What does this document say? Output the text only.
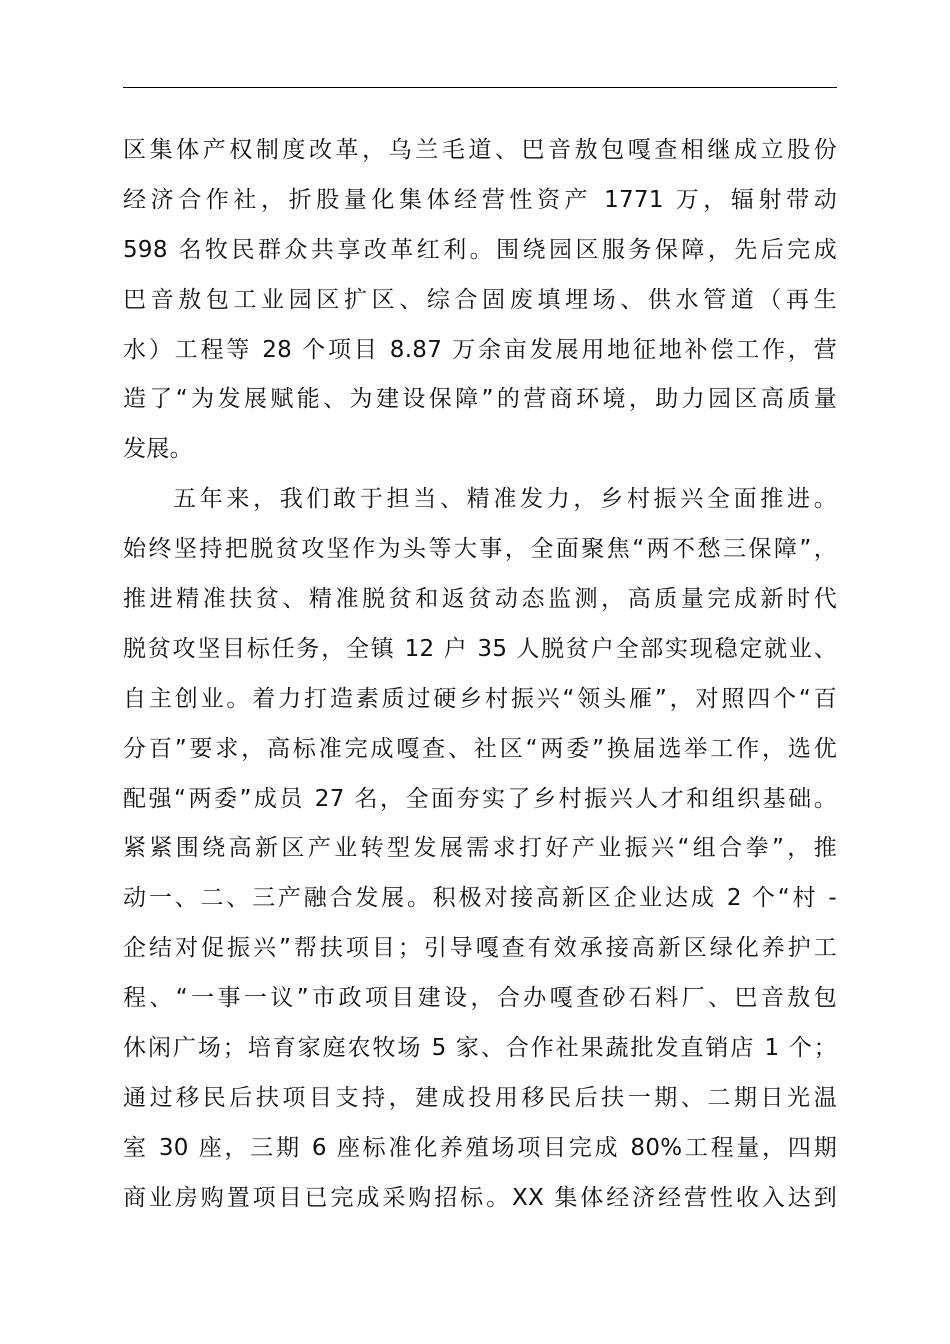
区集体产权制度改革，乌兰毛道、巴音敖包嘎查相继成立股份
经济合作社，折股量化集体经营性资产 1771 万，辐射带动
598 名牧民群众共享改革红利。围绕园区服务保障，先后完成
巴音敖包工业园区扩区、综合固废填埋场、供水管道（再生
水）工程等 28 个项目 8.87 万余亩发展用地征地补偿工作，营
造了“为发展赋能、为建设保障”的营商环境，助力园区高质量
发展。
五年来，我们敢于担当、精准发力，乡村振兴全面推进。
始终坚持把脱贫攻坚作为头等大事，全面聚焦“两不愁三保障”，
推进精准扶贫、精准脱贫和返贫动态监测，高质量完成新时代
脱贫攻坚目标任务，全镇 12 户 35 人脱贫户全部实现稳定就业、
自主创业。着力打造素质过硬乡村振兴“领头雁”，对照四个“百
分百”要求，高标准完成嘎查、社区“两委”换届选举工作，选优
配强“两委”成员 27 名，全面夯实了乡村振兴人才和组织基础。
紧紧围绕高新区产业转型发展需求打好产业振兴“组合拳”，推
动一、二、三产融合发展。积极对接高新区企业达成 2 个“村 -
企结对促振兴”帮扶项目；引导嘎查有效承接高新区绿化养护工
程、“一事一议”市政项目建设，合办嘎查砂石料厂、巴音敖包
休闲广场；培育家庭农牧场 5 家、合作社果蔬批发直销店 1 个；
通过移民后扶项目支持，建成投用移民后扶一期、二期日光温
室 30 座，三期 6 座标准化养殖场项目完成 80%工程量，四期
商业房购置项目已完成采购招标。XX 集体经济经营性收入达到
